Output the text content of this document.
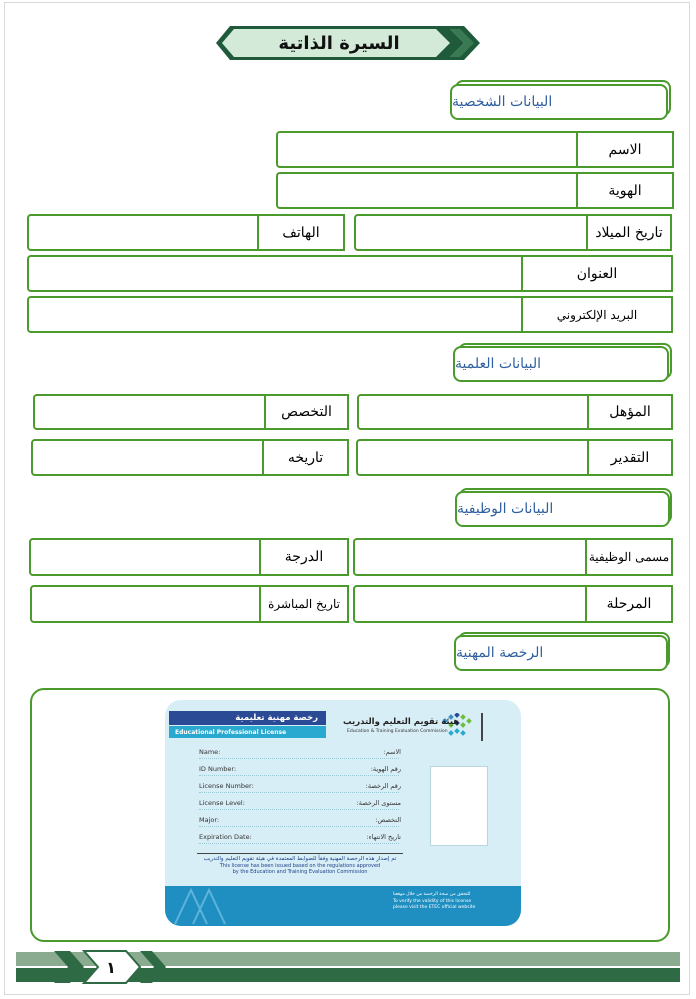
السيرة الذاتية
البيانات الشخصية
الاسم
الهوية
تاريخ الميلاد
الهاتف
العنوان
البريد الإلكتروني
البيانات العلمية
المؤهل
التخصص
التقدير
تاريخه
البيانات الوظيفية
مسمى الوظيفية
الدرجة
المرحلة
تاريخ المباشرة
الرخصة المهنية
رخصة مهنية تعليمية
Educational Professional License
هيئة تقويم التعليم والتدريب
Education & Training Evaluation Commission
Name:	الاسم:
ID Number:	رقم الهوية:
License Number:	رقم الرخصة:
License Level:	مستوى الرخصة:
Major:	التخصص:
Expiration Date:	تاريخ الانتهاء:
تم إصدار هذه الرخصة المهنية وفقاً للضوابط المعتمدة في هيئة تقويم التعليم والتدريب
This license has been issued based on the regulations approved
by the Education and Training Evaluation Commission
للتحقق من صحة الرخصة من خلال موقعنا
To verify the validity of this license
please visit the ETEC official website
١
